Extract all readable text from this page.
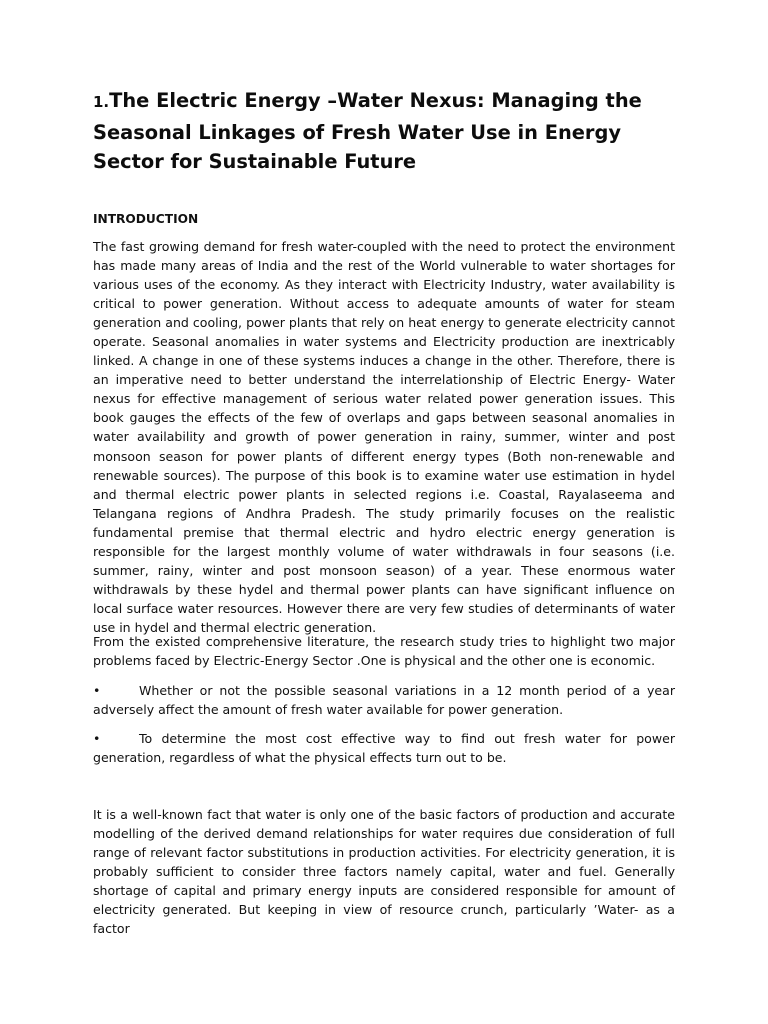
1.The Electric Energy –Water Nexus: Managing the Seasonal Linkages of Fresh Water Use in Energy Sector for Sustainable Future

INTRODUCTION

The fast growing demand for fresh water-coupled with the need to protect the environment has made many areas of India and the rest of the World vulnerable to water shortages for various uses of the economy. As they interact with Electricity Industry, water availability is critical to power generation. Without access to adequate amounts of water for steam generation and cooling, power plants that rely on heat energy to generate electricity cannot operate. Seasonal anomalies in water systems and Electricity production are inextricably linked. A change in one of these systems induces a change in the other. Therefore, there is an imperative need to better understand the interrelationship of Electric Energy- Water nexus for effective management of serious water related power generation issues. This book gauges the effects of the few of overlaps and gaps between seasonal anomalies in water availability and growth of power generation in rainy, summer, winter and post monsoon season for power plants of different energy types (Both non-renewable and renewable sources). The purpose of this book is to examine water use estimation in hydel and thermal electric power plants in selected regions i.e. Coastal, Rayalaseema and Telangana regions of Andhra Pradesh. The study primarily focuses on the realistic fundamental premise that thermal electric and hydro electric energy generation is responsible for the largest monthly volume of water withdrawals in four seasons (i.e. summer, rainy, winter and post monsoon season) of a year. These enormous water withdrawals by these hydel and thermal power plants can have significant influence on local surface water resources. However there are very few studies of determinants of water use in hydel and thermal electric generation.

From the existed comprehensive literature, the research study tries to highlight two major problems faced by Electric-Energy Sector .One is physical and the other one is economic.

•	Whether or not the possible seasonal variations in a 12 month period of a year adversely affect the amount of fresh water available for power generation.

•	To determine the most cost effective way to find out fresh water for power generation, regardless of what the physical effects turn out to be.

It is a well-known fact that water is only one of the basic factors of production and accurate modelling of the derived demand relationships for water requires due consideration of full range of relevant factor substitutions in production activities. For electricity generation, it is probably sufficient to consider three factors namely capital, water and fuel. Generally shortage of capital and primary energy inputs are considered responsible for amount of electricity generated. But keeping in view of resource crunch, particularly ’Water- as a factor
